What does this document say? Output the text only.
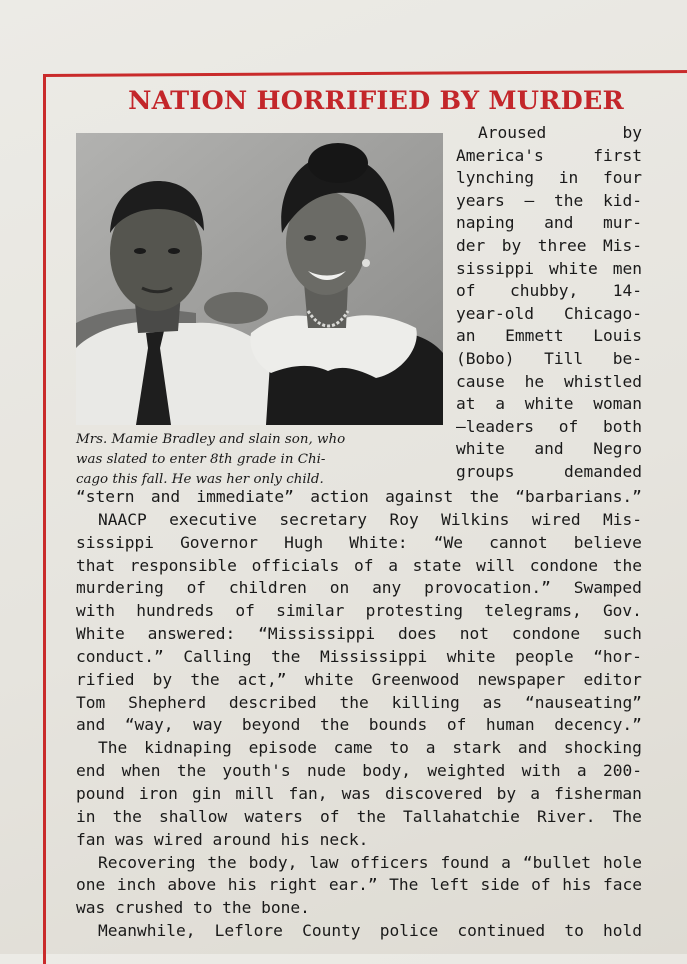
NATION HORRIFIED BY MURDER
Mrs. Mamie Bradley and slain son, who
was slated to enter 8th grade in Chi-
cago this fall. He was her only child.
Aroused	by
America's	first
lynching in four
years — the kid-
naping and mur-
der by three Mis-
sissippi white men
of chubby, 14-
year-old Chicago-
an Emmett Louis
(Bobo) Till be-
cause he whistled
at a white woman
—leaders of both
white and Negro
groups	demanded
“stern and immediate” action against the “barbarians.”
NAACP executive secretary Roy Wilkins wired Mis-
sissippi Governor Hugh White: “We cannot believe
that responsible officials of a state will condone the
murdering of children on any provocation.” Swamped
with hundreds of similar protesting telegrams, Gov.
White answered: “Mississippi does not condone such
conduct.” Calling the Mississippi white people “hor-
rified by the act,” white Greenwood newspaper editor
Tom Shepherd described the killing as “nauseating”
and “way, way beyond the bounds of human decency.”
The kidnaping episode came to a stark and shocking
end when the youth's nude body, weighted with a 200-
pound iron gin mill fan, was discovered by a fisherman
in the shallow waters of the Tallahatchie River. The
fan was wired around his neck.
Recovering the body, law officers found a “bullet hole
one inch above his right ear.” The left side of his face
was crushed to the bone.
Meanwhile, Leflore County police continued to hold
